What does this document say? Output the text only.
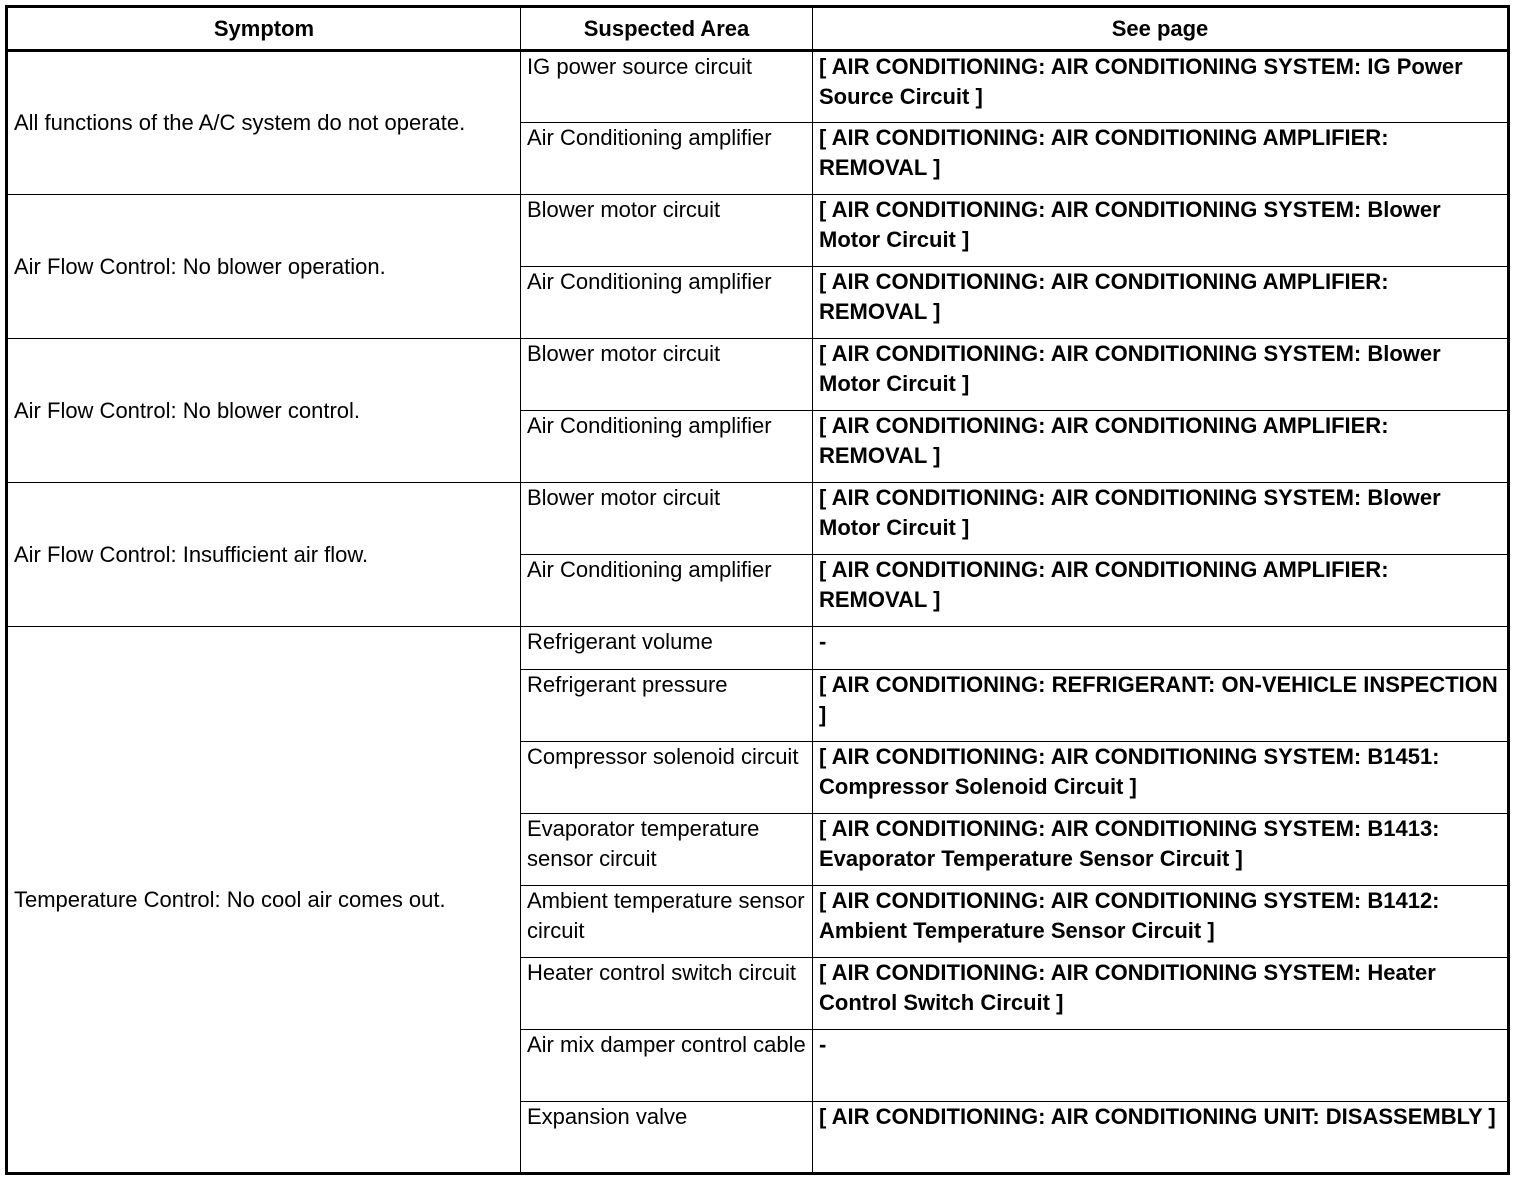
Symptom	Suspected Area	See page
All functions of the A/C system do not operate.	IG power source circuit	[ AIR CONDITIONING: AIR CONDITIONING SYSTEM: IG Power Source Circuit ]
	Air Conditioning amplifier	[ AIR CONDITIONING: AIR CONDITIONING AMPLIFIER: REMOVAL ]
Air Flow Control: No blower operation.	Blower motor circuit	[ AIR CONDITIONING: AIR CONDITIONING SYSTEM: Blower Motor Circuit ]
	Air Conditioning amplifier	[ AIR CONDITIONING: AIR CONDITIONING AMPLIFIER: REMOVAL ]
Air Flow Control: No blower control.	Blower motor circuit	[ AIR CONDITIONING: AIR CONDITIONING SYSTEM: Blower Motor Circuit ]
	Air Conditioning amplifier	[ AIR CONDITIONING: AIR CONDITIONING AMPLIFIER: REMOVAL ]
Air Flow Control: Insufficient air flow.	Blower motor circuit	[ AIR CONDITIONING: AIR CONDITIONING SYSTEM: Blower Motor Circuit ]
	Air Conditioning amplifier	[ AIR CONDITIONING: AIR CONDITIONING AMPLIFIER: REMOVAL ]
Temperature Control: No cool air comes out.	Refrigerant volume	-
	Refrigerant pressure	[ AIR CONDITIONING: REFRIGERANT: ON-VEHICLE INSPECTION ]
	Compressor solenoid circuit	[ AIR CONDITIONING: AIR CONDITIONING SYSTEM: B1451: Compressor Solenoid Circuit ]
	Evaporator temperature sensor circuit	[ AIR CONDITIONING: AIR CONDITIONING SYSTEM: B1413: Evaporator Temperature Sensor Circuit ]
	Ambient temperature sensor circuit	[ AIR CONDITIONING: AIR CONDITIONING SYSTEM: B1412: Ambient Temperature Sensor Circuit ]
	Heater control switch circuit	[ AIR CONDITIONING: AIR CONDITIONING SYSTEM: Heater Control Switch Circuit ]
	Air mix damper control cable	-
	Expansion valve	[ AIR CONDITIONING: AIR CONDITIONING UNIT: DISASSEMBLY ]
